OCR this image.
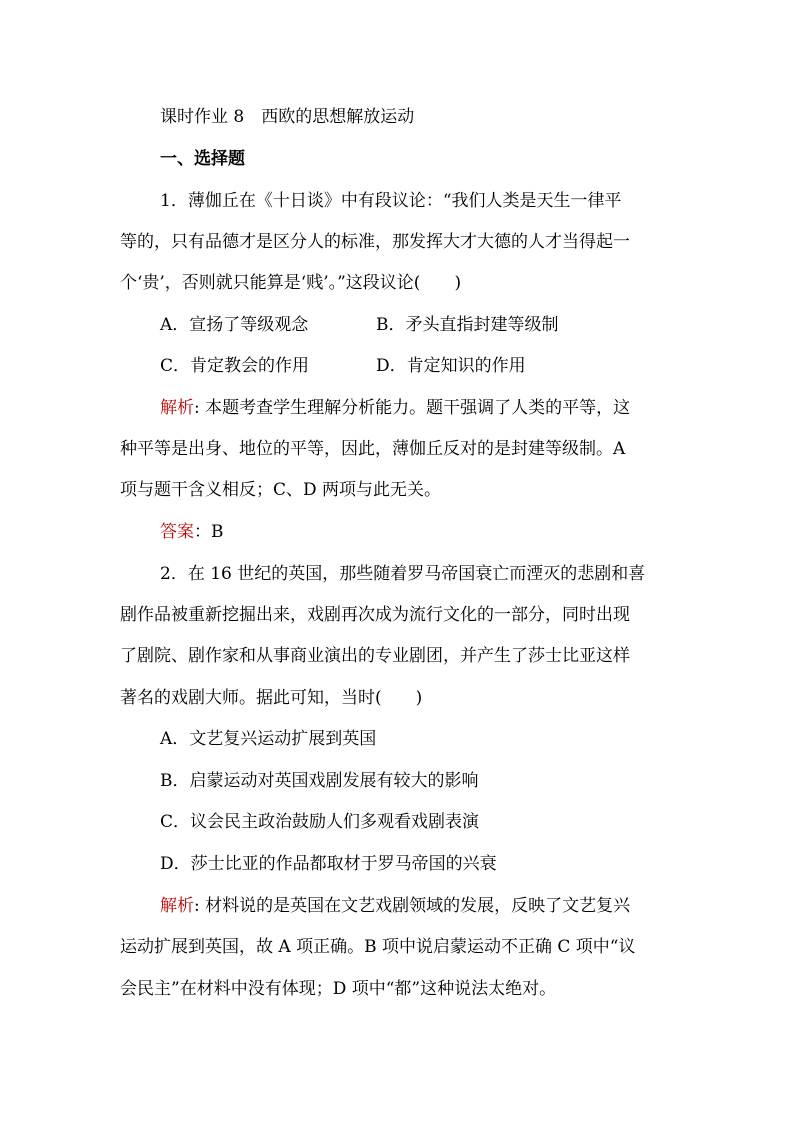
课时作业 8　西欧的思想解放运动
一、选择题
1．薄伽丘在《十日谈》中有段议论：“我们人类是天生一律平
等的，只有品德才是区分人的标准，那发挥大才大德的人才当得起一
个‘贵’，否则就只能算是‘贱’。”这段议论(　　)
A．宣扬了等级观念	B．矛头直指封建等级制
C．肯定教会的作用	D．肯定知识的作用
解析: 本题考查学生理解分析能力。题干强调了人类的平等，这
种平等是出身、地位的平等，因此，薄伽丘反对的是封建等级制。A
项与题干含义相反；C、D 两项与此无关。
答案：B
2．在 16 世纪的英国，那些随着罗马帝国衰亡而湮灭的悲剧和喜
剧作品被重新挖掘出来，戏剧再次成为流行文化的一部分，同时出现
了剧院、剧作家和从事商业演出的专业剧团，并产生了莎士比亚这样
著名的戏剧大师。据此可知，当时(　　)
A．文艺复兴运动扩展到英国
B．启蒙运动对英国戏剧发展有较大的影响
C．议会民主政治鼓励人们多观看戏剧表演
D．莎士比亚的作品都取材于罗马帝国的兴衰
解析: 材料说的是英国在文艺戏剧领域的发展，反映了文艺复兴
运动扩展到英国，故 A 项正确。B 项中说启蒙运动不正确 C 项中“议
会民主”在材料中没有体现；D 项中“都”这种说法太绝对。
